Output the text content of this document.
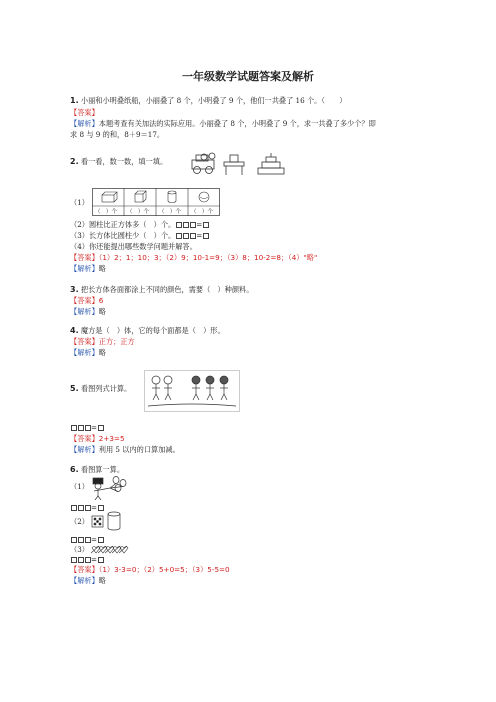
一年级数学试题答案及解析
1. 小丽和小明叠纸船，小丽叠了 8 个，小明叠了 9 个，他们一共叠了 16 个。（　　）
【答案】
【解析】本题考查有关加法的实际应用。小丽叠了 8 个，小明叠了 9 个，求一共叠了多少个？即
求 8 与 9 的和，8＋9＝17。
2. 看一看，数一数，填一填。
（1）
（　）个 （　）个 （　）个 （　）个
（2）圆柱比正方体多（　）个。	=
（3）长方体比圆柱少（　）个。	=
（4）你还能提出哪些数学问题并解答。
【答案】（1）2；1；10；3；（2）9；10-1=9；（3）8；10-2=8；（4）"略"
【解析】略
3. 把长方体各面都涂上不同的颜色，需要（　）种颜料。
【答案】6
【解析】略
4. 魔方是（　）体，它的每个面都是（　）形。
【答案】正方；正方
【解析】略
5. 看图列式计算。
=
【答案】2+3=5
【解析】利用 5 以内的口算加减。
6. 看图算一算。
（1）
=
（2）
=
（3）
=
【答案】（1）3-3=0；（2）5+0=5；（3）5-5=0
【解析】略
